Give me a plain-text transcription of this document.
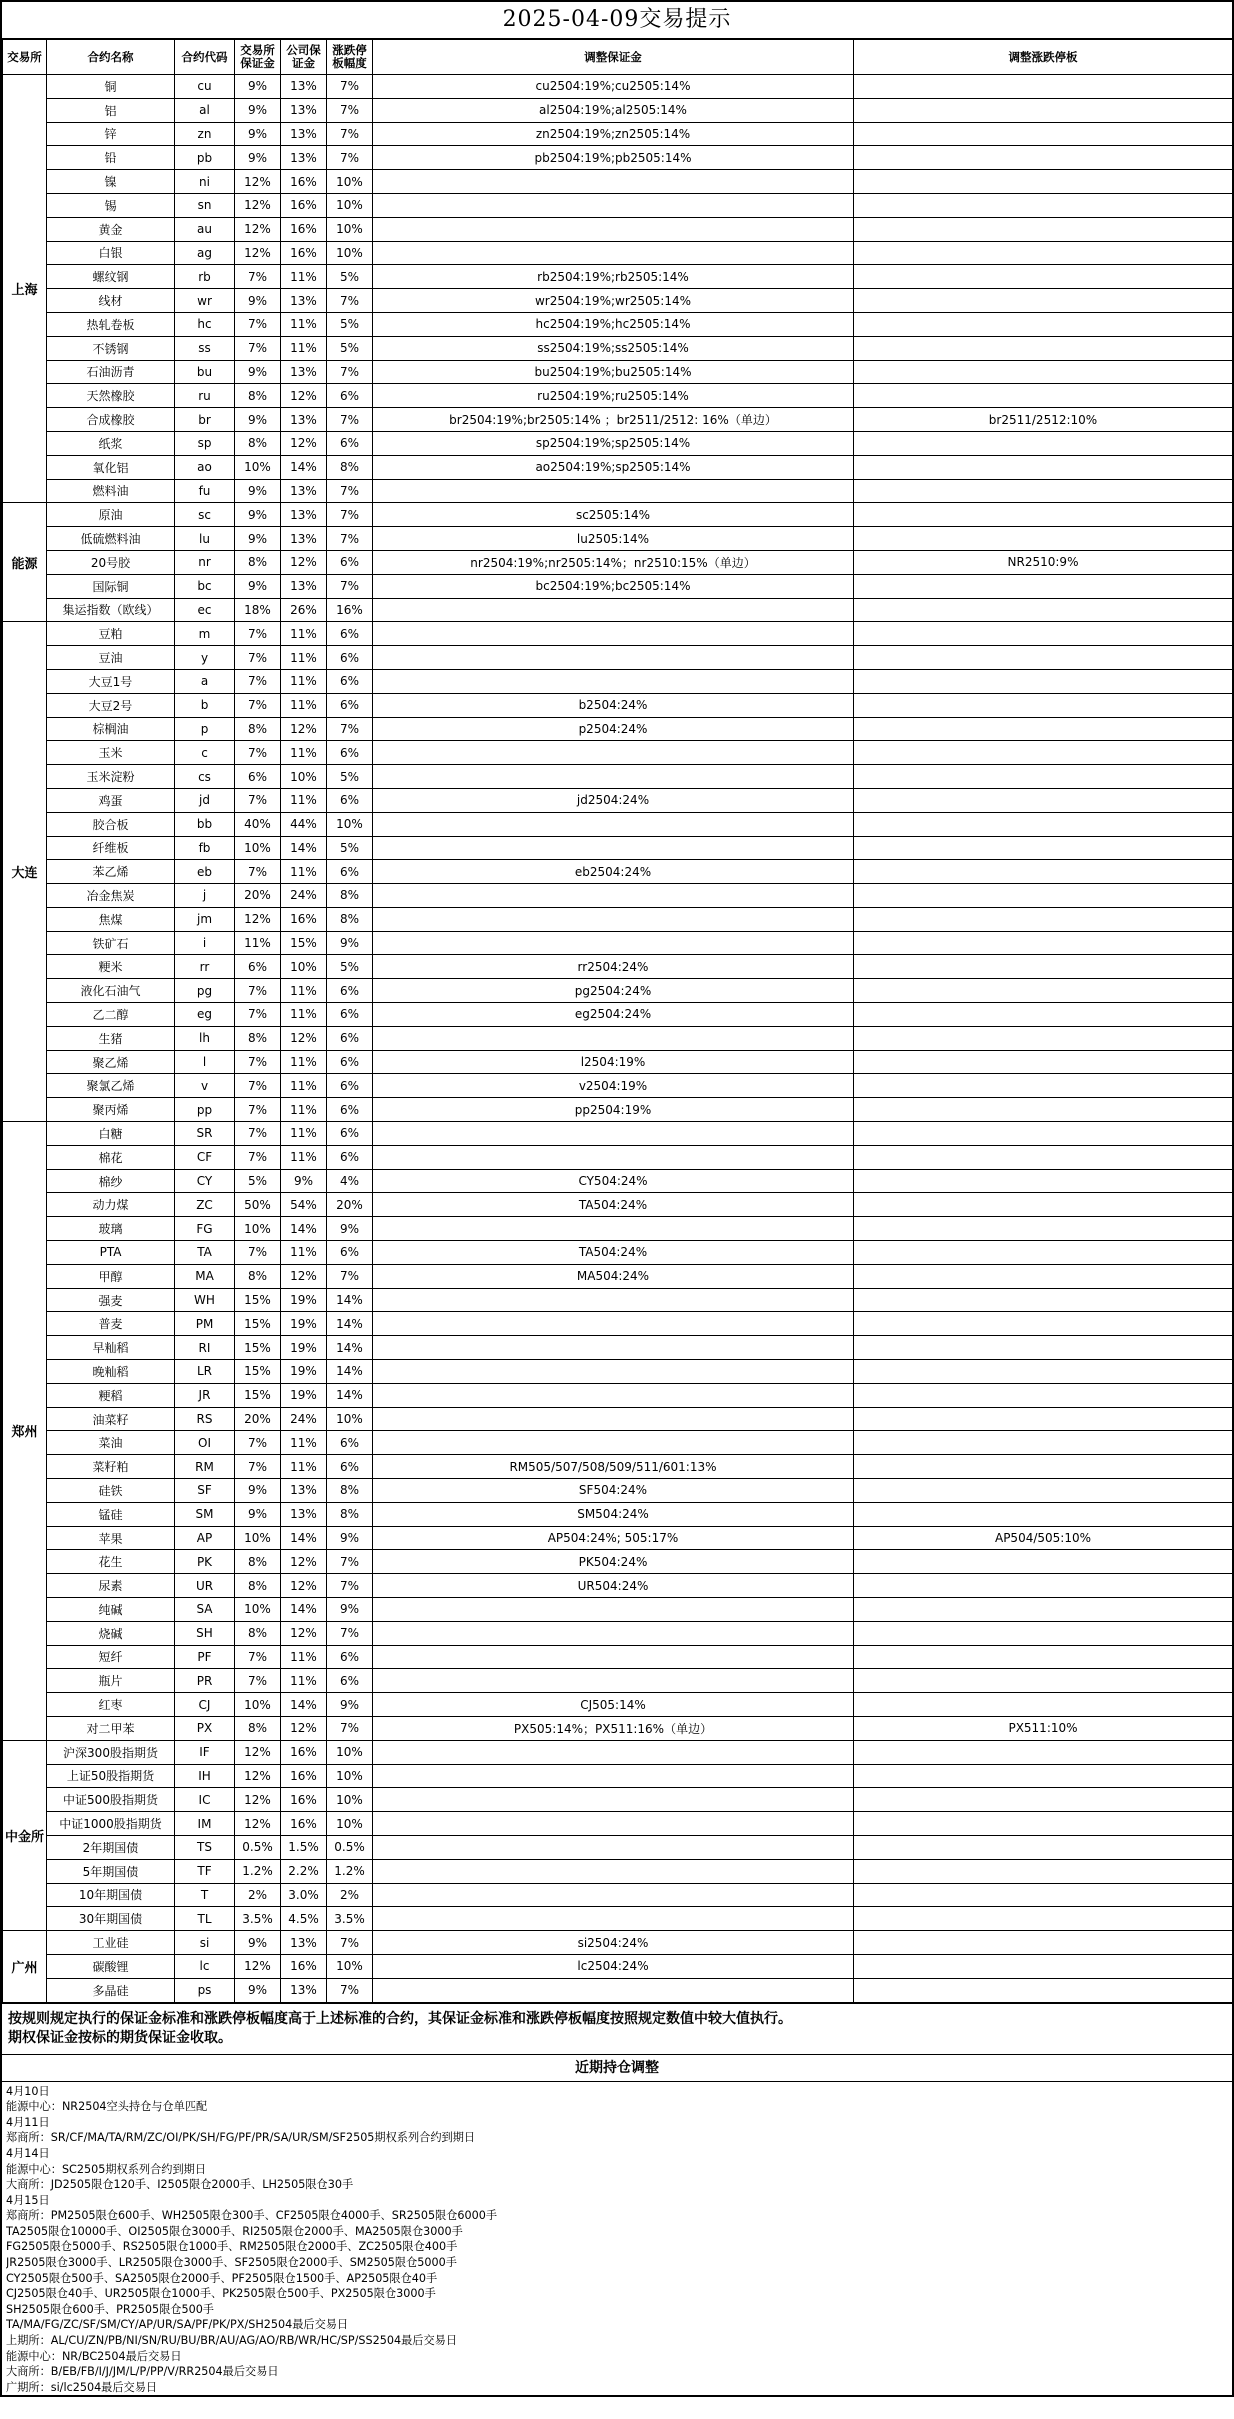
2025-04-09交易提示
交易所	合约名称	合约代码	交易所保证金	公司保证金	涨跌停板幅度	调整保证金	调整涨跌停板
上海	铜	cu	9%	13%	7%	cu2504:19%;cu2505:14%	
	铝	al	9%	13%	7%	al2504:19%;al2505:14%	
	锌	zn	9%	13%	7%	zn2504:19%;zn2505:14%	
	铅	pb	9%	13%	7%	pb2504:19%;pb2505:14%	
	镍	ni	12%	16%	10%		
	锡	sn	12%	16%	10%		
	黄金	au	12%	16%	10%		
	白银	ag	12%	16%	10%		
	螺纹钢	rb	7%	11%	5%	rb2504:19%;rb2505:14%	
	线材	wr	9%	13%	7%	wr2504:19%;wr2505:14%	
	热轧卷板	hc	7%	11%	5%	hc2504:19%;hc2505:14%	
	不锈钢	ss	7%	11%	5%	ss2504:19%;ss2505:14%	
	石油沥青	bu	9%	13%	7%	bu2504:19%;bu2505:14%	
	天然橡胶	ru	8%	12%	6%	ru2504:19%;ru2505:14%	
	合成橡胶	br	9%	13%	7%	br2504:19%;br2505:14% ；br2511/2512: 16%（单边）	br2511/2512:10%
	纸浆	sp	8%	12%	6%	sp2504:19%;sp2505:14%	
	氧化铝	ao	10%	14%	8%	ao2504:19%;sp2505:14%	
	燃料油	fu	9%	13%	7%		
能源	原油	sc	9%	13%	7%	sc2505:14%	
	低硫燃料油	lu	9%	13%	7%	lu2505:14%	
	20号胶	nr	8%	12%	6%	nr2504:19%;nr2505:14%；nr2510:15%（单边）	NR2510:9%
	国际铜	bc	9%	13%	7%	bc2504:19%;bc2505:14%	
	集运指数（欧线）	ec	18%	26%	16%		
大连	豆粕	m	7%	11%	6%		
	豆油	y	7%	11%	6%		
	大豆1号	a	7%	11%	6%		
	大豆2号	b	7%	11%	6%	b2504:24%	
	棕榈油	p	8%	12%	7%	p2504:24%	
	玉米	c	7%	11%	6%		
	玉米淀粉	cs	6%	10%	5%		
	鸡蛋	jd	7%	11%	6%	jd2504:24%	
	胶合板	bb	40%	44%	10%		
	纤维板	fb	10%	14%	5%		
	苯乙烯	eb	7%	11%	6%	eb2504:24%	
	冶金焦炭	j	20%	24%	8%		
	焦煤	jm	12%	16%	8%		
	铁矿石	i	11%	15%	9%		
	粳米	rr	6%	10%	5%	rr2504:24%	
	液化石油气	pg	7%	11%	6%	pg2504:24%	
	乙二醇	eg	7%	11%	6%	eg2504:24%	
	生猪	lh	8%	12%	6%		
	聚乙烯	l	7%	11%	6%	l2504:19%	
	聚氯乙烯	v	7%	11%	6%	v2504:19%	
	聚丙烯	pp	7%	11%	6%	pp2504:19%	
郑州	白糖	SR	7%	11%	6%		
	棉花	CF	7%	11%	6%		
	棉纱	CY	5%	9%	4%	CY504:24%	
	动力煤	ZC	50%	54%	20%	TA504:24%	
	玻璃	FG	10%	14%	9%		
	PTA	TA	7%	11%	6%	TA504:24%	
	甲醇	MA	8%	12%	7%	MA504:24%	
	强麦	WH	15%	19%	14%		
	普麦	PM	15%	19%	14%		
	早籼稻	RI	15%	19%	14%		
	晚籼稻	LR	15%	19%	14%		
	粳稻	JR	15%	19%	14%		
	油菜籽	RS	20%	24%	10%		
	菜油	OI	7%	11%	6%		
	菜籽粕	RM	7%	11%	6%	RM505/507/508/509/511/601:13%	
	硅铁	SF	9%	13%	8%	SF504:24%	
	锰硅	SM	9%	13%	8%	SM504:24%	
	苹果	AP	10%	14%	9%	AP504:24%; 505:17%	AP504/505:10%
	花生	PK	8%	12%	7%	PK504:24%	
	尿素	UR	8%	12%	7%	UR504:24%	
	纯碱	SA	10%	14%	9%		
	烧碱	SH	8%	12%	7%		
	短纤	PF	7%	11%	6%		
	瓶片	PR	7%	11%	6%		
	红枣	CJ	10%	14%	9%	CJ505:14%	
	对二甲苯	PX	8%	12%	7%	PX505:14%；PX511:16%（单边）	PX511:10%
中金所	沪深300股指期货	IF	12%	16%	10%		
	上证50股指期货	IH	12%	16%	10%		
	中证500股指期货	IC	12%	16%	10%		
	中证1000股指期货	IM	12%	16%	10%		
	2年期国债	TS	0.5%	1.5%	0.5%		
	5年期国债	TF	1.2%	2.2%	1.2%		
	10年期国债	T	2%	3.0%	2%		
	30年期国债	TL	3.5%	4.5%	3.5%		
广州	工业硅	si	9%	13%	7%	si2504:24%	
	碳酸锂	lc	12%	16%	10%	lc2504:24%	
	多晶硅	ps	9%	13%	7%		
按规则规定执行的保证金标准和涨跌停板幅度高于上述标准的合约，其保证金标准和涨跌停板幅度按照规定数值中较大值执行。
期权保证金按标的期货保证金收取。
近期持仓调整
4月10日
能源中心：NR2504空头持仓与仓单匹配
4月11日
郑商所：SR/CF/MA/TA/RM/ZC/OI/PK/SH/FG/PF/PR/SA/UR/SM/SF2505期权系列合约到期日
4月14日
能源中心：SC2505期权系列合约到期日
大商所：JD2505限仓120手、I2505限仓2000手、LH2505限仓30手
4月15日
郑商所：PM2505限仓600手、WH2505限仓300手、CF2505限仓4000手、SR2505限仓6000手
TA2505限仓10000手、OI2505限仓3000手、RI2505限仓2000手、MA2505限仓3000手
FG2505限仓5000手、RS2505限仓1000手、RM2505限仓2000手、ZC2505限仓400手
JR2505限仓3000手、LR2505限仓3000手、SF2505限仓2000手、SM2505限仓5000手
CY2505限仓500手、SA2505限仓2000手、PF2505限仓1500手、AP2505限仓40手
CJ2505限仓40手、UR2505限仓1000手、PK2505限仓500手、PX2505限仓3000手
SH2505限仓600手、PR2505限仓500手
TA/MA/FG/ZC/SF/SM/CY/AP/UR/SA/PF/PK/PX/SH2504最后交易日
上期所：AL/CU/ZN/PB/NI/SN/RU/BU/BR/AU/AG/AO/RB/WR/HC/SP/SS2504最后交易日
能源中心：NR/BC2504最后交易日
大商所：B/EB/FB/I/J/JM/L/P/PP/V/RR2504最后交易日
广期所：si/lc2504最后交易日
